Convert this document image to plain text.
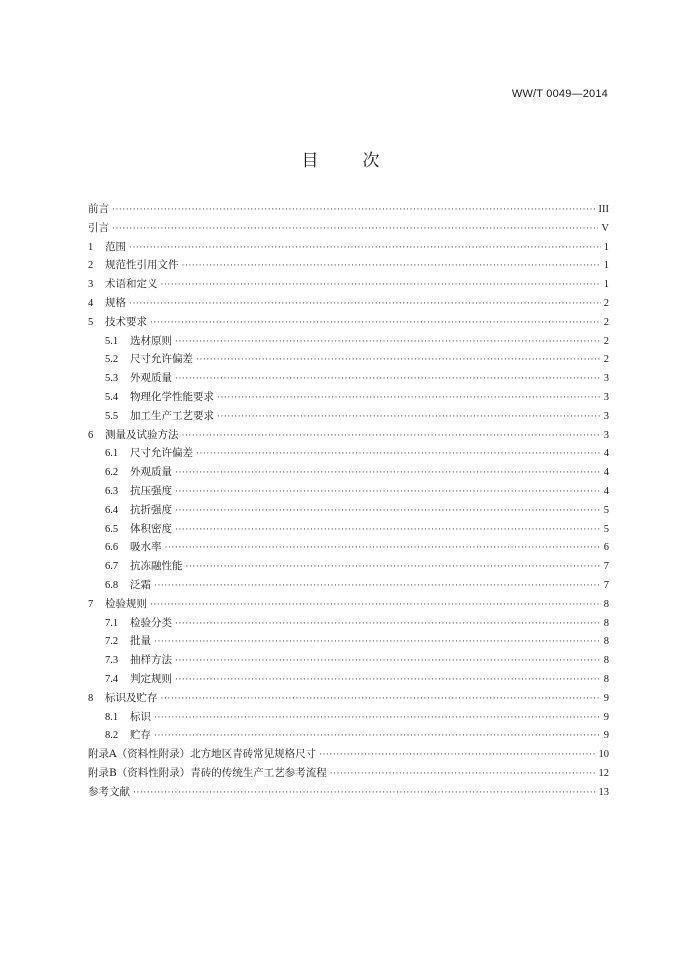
WW/T 0049—2014
目	次
前言 ·····	III
引言 ·····	V
1	范围 ·····	1
2	规范性引用文件 ·····	1
3	术语和定义 ·····	1
4	规格 ·····	2
5	技术要求 ·····	2
5.1	选材原则 ·····	2
5.2	尺寸允许偏差 ·····	2
5.3	外观质量 ·····	3
5.4	物理化学性能要求 ·····	3
5.5	加工生产工艺要求 ·····	3
6	测量及试验方法 ·····	3
6.1	尺寸允许偏差 ·····	4
6.2	外观质量 ·····	4
6.3	抗压强度 ·····	4
6.4	抗折强度 ·····	5
6.5	体积密度 ·····	5
6.6	吸水率 ·····	6
6.7	抗冻融性能 ·····	7
6.8	泛霜 ·····	7
7	检验规则 ·····	8
7.1	检验分类 ·····	8
7.2	批量 ·····	8
7.3	抽样方法 ·····	8
7.4	判定规则 ·····	8
8	标识及贮存 ·····	9
8.1	标识 ·····	9
8.2	贮存 ·····	9
附录A（资料性附录）北方地区青砖常见规格尺寸 ·····	10
附录B（资料性附录）青砖的传统生产工艺参考流程 ·····	12
参考文献 ·····	13
